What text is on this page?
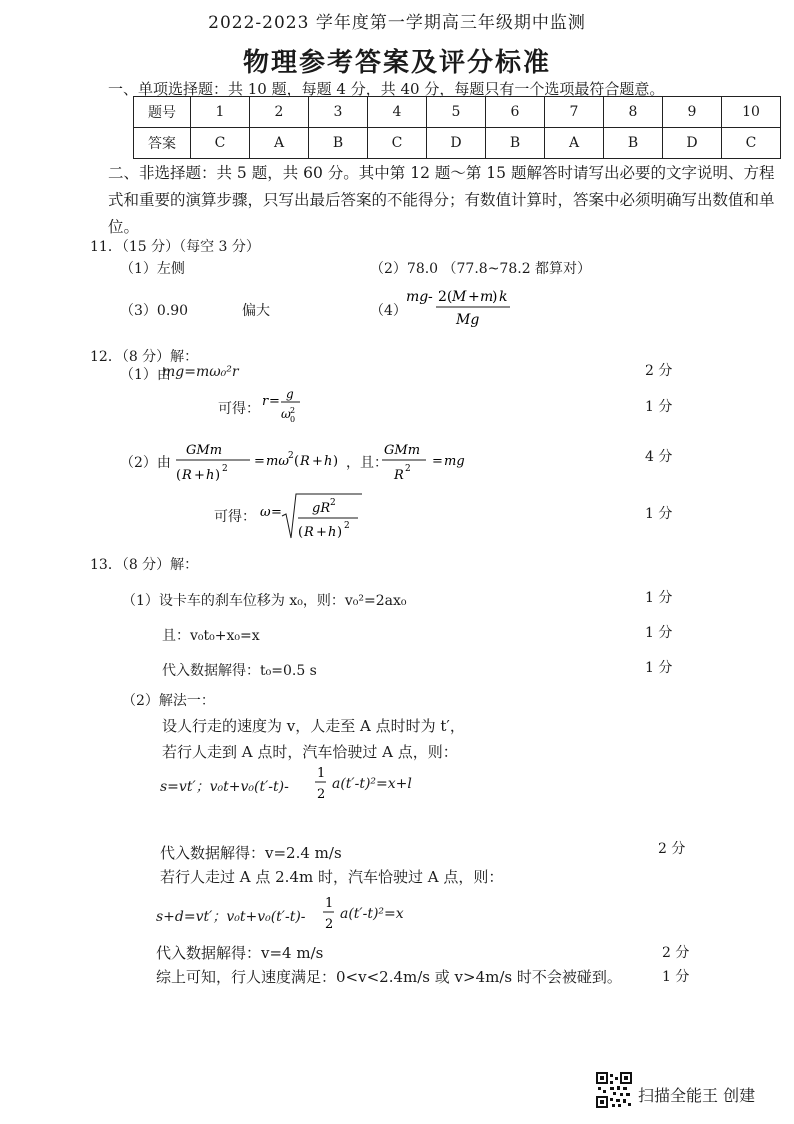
2022-2023 学年度第一学期高三年级期中监测
物理参考答案及评分标准
一、单项选择题：共 10 题，每题 4 分，共 40 分，每题只有一个选项最符合题意。
题号	1	2	3	4	5	6	7	8	9	10
答案	C	A	B	C	D	B	A	B	D	C
二、非选择题：共 5 题，共 60 分。其中第 12 题～第 15 题解答时请写出必要的文字说明、方程式和重要的演算步骤，只写出最后答案的不能得分；有数值计算时，答案中必须明确写出数值和单位。
11．（15 分）（每空 3 分）
（1）左侧	（2）78.0 （77.8~78.2 都算对）
（3）0.90	偏大	（4）
mg - 2( M + m
) k
Mg
12．（8 分）解：
（1）由
mg=mω₀²r	2 分
可得： r = g
ω 2
0
1 分
（2）由
GMm
( R + h ) 2 = mω 2 ( R + h ) ，且：
GMm
R 2 = mg	4 分
可得： ω = gR 2
( R + h ) 2
1 分
13．（8 分）解：
（1）设卡车的刹车位移为 x₀，则：v₀²=2ax₀	1 分
且：v₀t₀+x₀=x	1 分
代入数据解得：t₀=0.5 s	1 分
（2）解法一：
设人行走的速度为 v，人走至 A 点时时为 t′，
若行人走到 A 点时，汽车恰驶过 A 点，则：
s=vt′；v₀t+v₀(t′-t)-
1
2
a(t′-t)²=x+l
代入数据解得：v=2.4 m/s	2 分
若行人走过 A 点 2.4m 时，汽车恰驶过 A 点，则：
s+d=vt′；v₀t+v₀(t′-t)-
1
2
a(t′-t)²=x
代入数据解得：v=4 m/s	2 分
综上可知，行人速度满足：0<v<2.4m/s 或 v>4m/s 时不会被碰到。	1 分
扫描全能王 创建
